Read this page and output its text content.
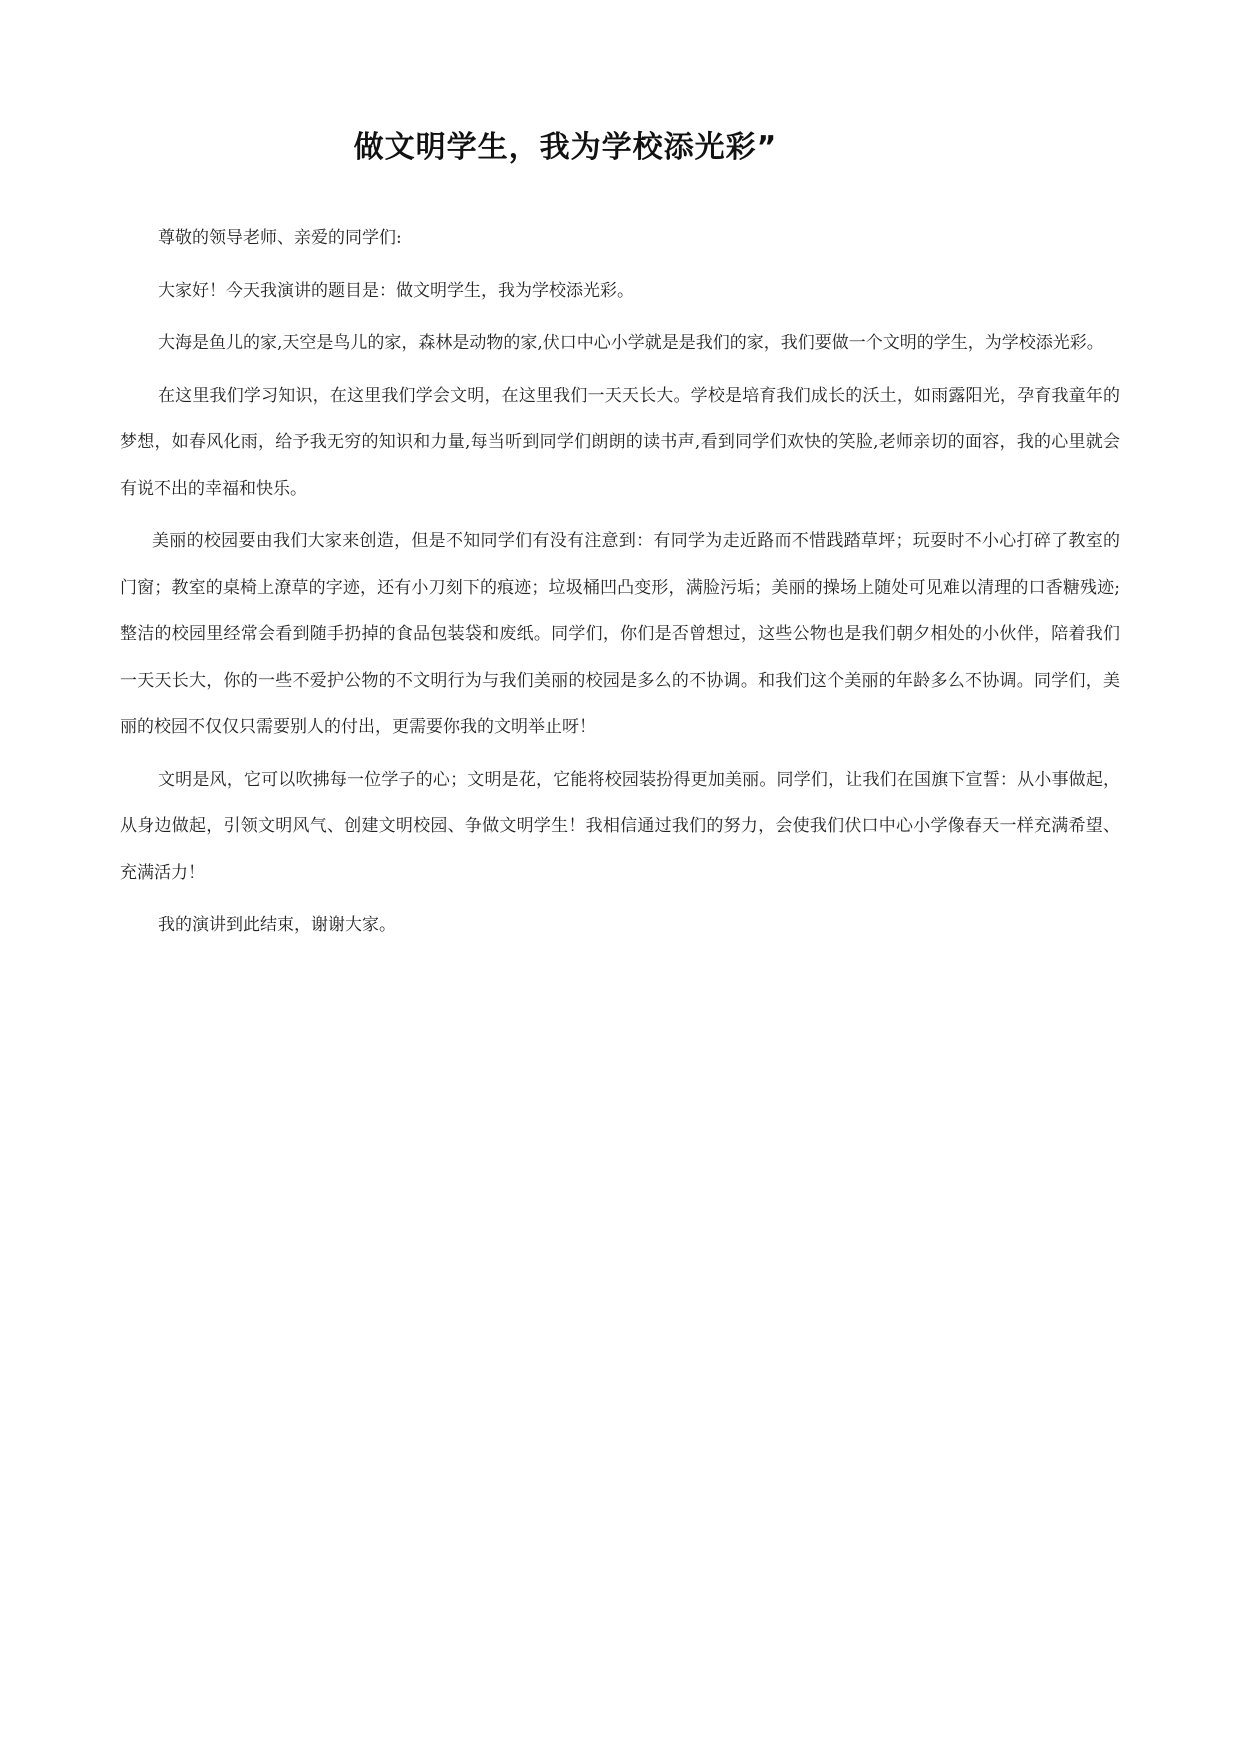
做文明学生，我为学校添光彩”

尊敬的领导老师、亲爱的同学们:

大家好！今天我演讲的题目是：做文明学生，我为学校添光彩。

大海是鱼儿的家,天空是鸟儿的家，森林是动物的家,伏口中心小学就是是我们的家，我们要做一个文明的学生，为学校添光彩。

在这里我们学习知识，在这里我们学会文明，在这里我们一天天长大。学校是培育我们成长的沃土，如雨露阳光，孕育我童年的梦想，如春风化雨，给予我无穷的知识和力量,每当听到同学们朗朗的读书声,看到同学们欢快的笑脸,老师亲切的面容，我的心里就会有说不出的幸福和快乐。

美丽的校园要由我们大家来创造，但是不知同学们有没有注意到：有同学为走近路而不惜践踏草坪；玩耍时不小心打碎了教室的门窗；教室的桌椅上潦草的字迹，还有小刀刻下的痕迹；垃圾桶凹凸变形，满脸污垢；美丽的操场上随处可见难以清理的口香糖残迹;整洁的校园里经常会看到随手扔掉的食品包装袋和废纸。同学们，你们是否曾想过，这些公物也是我们朝夕相处的小伙伴，陪着我们一天天长大，你的一些不爱护公物的不文明行为与我们美丽的校园是多么的不协调。和我们这个美丽的年龄多么不协调。同学们，美丽的校园不仅仅只需要别人的付出，更需要你我的文明举止呀！

文明是风，它可以吹拂每一位学子的心；文明是花，它能将校园装扮得更加美丽。同学们，让我们在国旗下宣誓：从小事做起，从身边做起，引领文明风气、创建文明校园、争做文明学生！我相信通过我们的努力，会使我们伏口中心小学像春天一样充满希望、充满活力！

我的演讲到此结束，谢谢大家。
